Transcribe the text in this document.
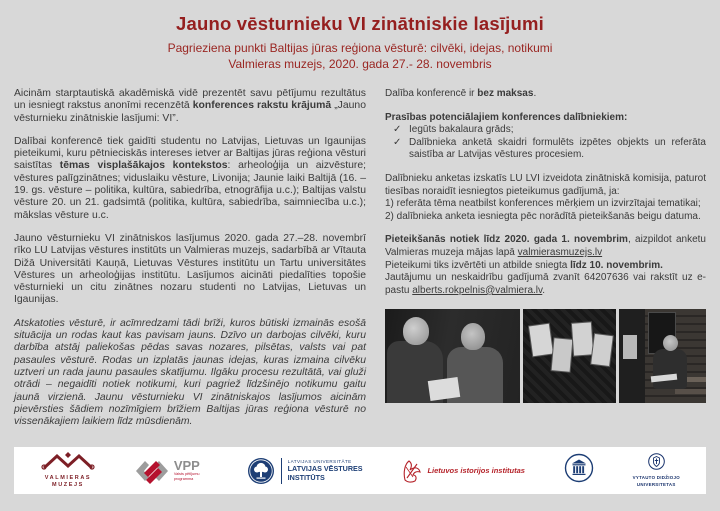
Jauno vēsturnieku VI zinātniskie lasījumi
Pagrieziena punkti Baltijas jūras reģiona vēsturē: cilvēki, idejas, notikumi
Valmieras muzejs, 2020. gada 27.- 28. novembris

Aicinām starptautiskā akadēmiskā vidē prezentēt savu pētījumu rezultātus un iesniegt rakstus anonīmi recenzētā konferences rakstu krājumā „Jauno vēsturnieku zinātniskie lasījumi: VI”.

Dalībai konferencē tiek gaidīti studentu no Latvijas, Lietuvas un Igaunijas pieteikumi, kuru pētnieciskās intereses ietver ar Baltijas jūras reģiona vēsturi saistītas tēmas visplašākajos kontekstos: arheoloģija un aizvēsture; vēstures palīgzinātnes; viduslaiku vēsture, Livonija; Jaunie laiki Baltijā (16. – 19. gs. vēsture – politika, kultūra, sabiedrība, etnogrāfija u.c.); Baltijas valstu vēsture 20. un 21. gadsimtā (politika, kultūra, sabiedrība, saimniecība u.c.); mākslas vēsture u.c.

Jauno vēsturnieku VI zinātniskos lasījumus 2020. gada 27.–28. novembrī rīko LU Latvijas vēstures institūts un Valmieras muzejs, sadarbībā ar Vītauta Dižā Universitāti Kauņā, Lietuvas Vēstures institūtu un Tartu universitātes Vēstures un arheoloģijas institūtu. Lasījumos aicināti piedalīties topošie vēsturnieki un citu zinātnes nozaru studenti no Latvijas, Lietuvas un Igaunijas.

Atskatoties vēsturē, ir acīmredzami tādi brīži, kuros būtiski izmainās esošā situācija un rodas kaut kas pavisam jauns. Dzīvo un darbojas cilvēki, kuru darbība atstāj paliekošas pēdas savas nozares, pilsētas, valsts vai pat pasaules vēsturē. Rodas un izplatās jaunas idejas, kuras izmaina cilvēku uztveri un rada jaunu pasaules skatījumu. Ilgāku procesu rezultātā, vai gluži otrādi – negaidīti notiek notikumi, kuri pagriež līdzšinējo notikumu gaitu jaunā virzienā. Jaunu vēsturnieku VI zinātniskajos lasījumos aicinām pievērsties šādiem nozīmīgiem brīžiem Baltijas jūras reģiona vēsturē no vissenākajiem laikiem līdz mūsdienām.

Dalība konferencē ir bez maksas.

Prasības potenciālajiem konferences dalībniekiem:
✓ Iegūts bakalaura grāds;
✓ Dalībnieka anketā skaidri formulēts izpētes objekts un referāta saistība ar Latvijas vēstures procesiem.
Dalībnieku anketas izskatīs LU LVI izveidota zinātniskā komisija, paturot tiesības noraidīt iesniegtos pieteikumus gadījumā, ja:
1) referāta tēma neatbilst konferences mērķiem un izvirzītajai tematikai;
2) dalībnieka anketa iesniegta pēc norādītā pieteikšanās beigu datuma.
Pieteikšanās notiek līdz 2020. gada 1. novembrim, aizpildot anketu Valmieras muzeja mājas lapā valmierasmuzejs.lv
Pieteikumi tiks izvērtēti un atbilde sniegta līdz 10. novembrim.
Jautājumu un neskaidrību gadījumā zvanīt 64207636 vai rakstīt uz e-pastu alberts.rokpelnis@valmiera.lv.
VALMIERAS
MUZEJS
VPP
Valsts pētījumu programma
LATVIJAS UNIVERSITĀTE
LATVIJAS VĒSTURES
INSTITŪTS
Lietuvos istorijos institutas
VYTAUTO DIDŽIOJO
UNIVERSITETAS
